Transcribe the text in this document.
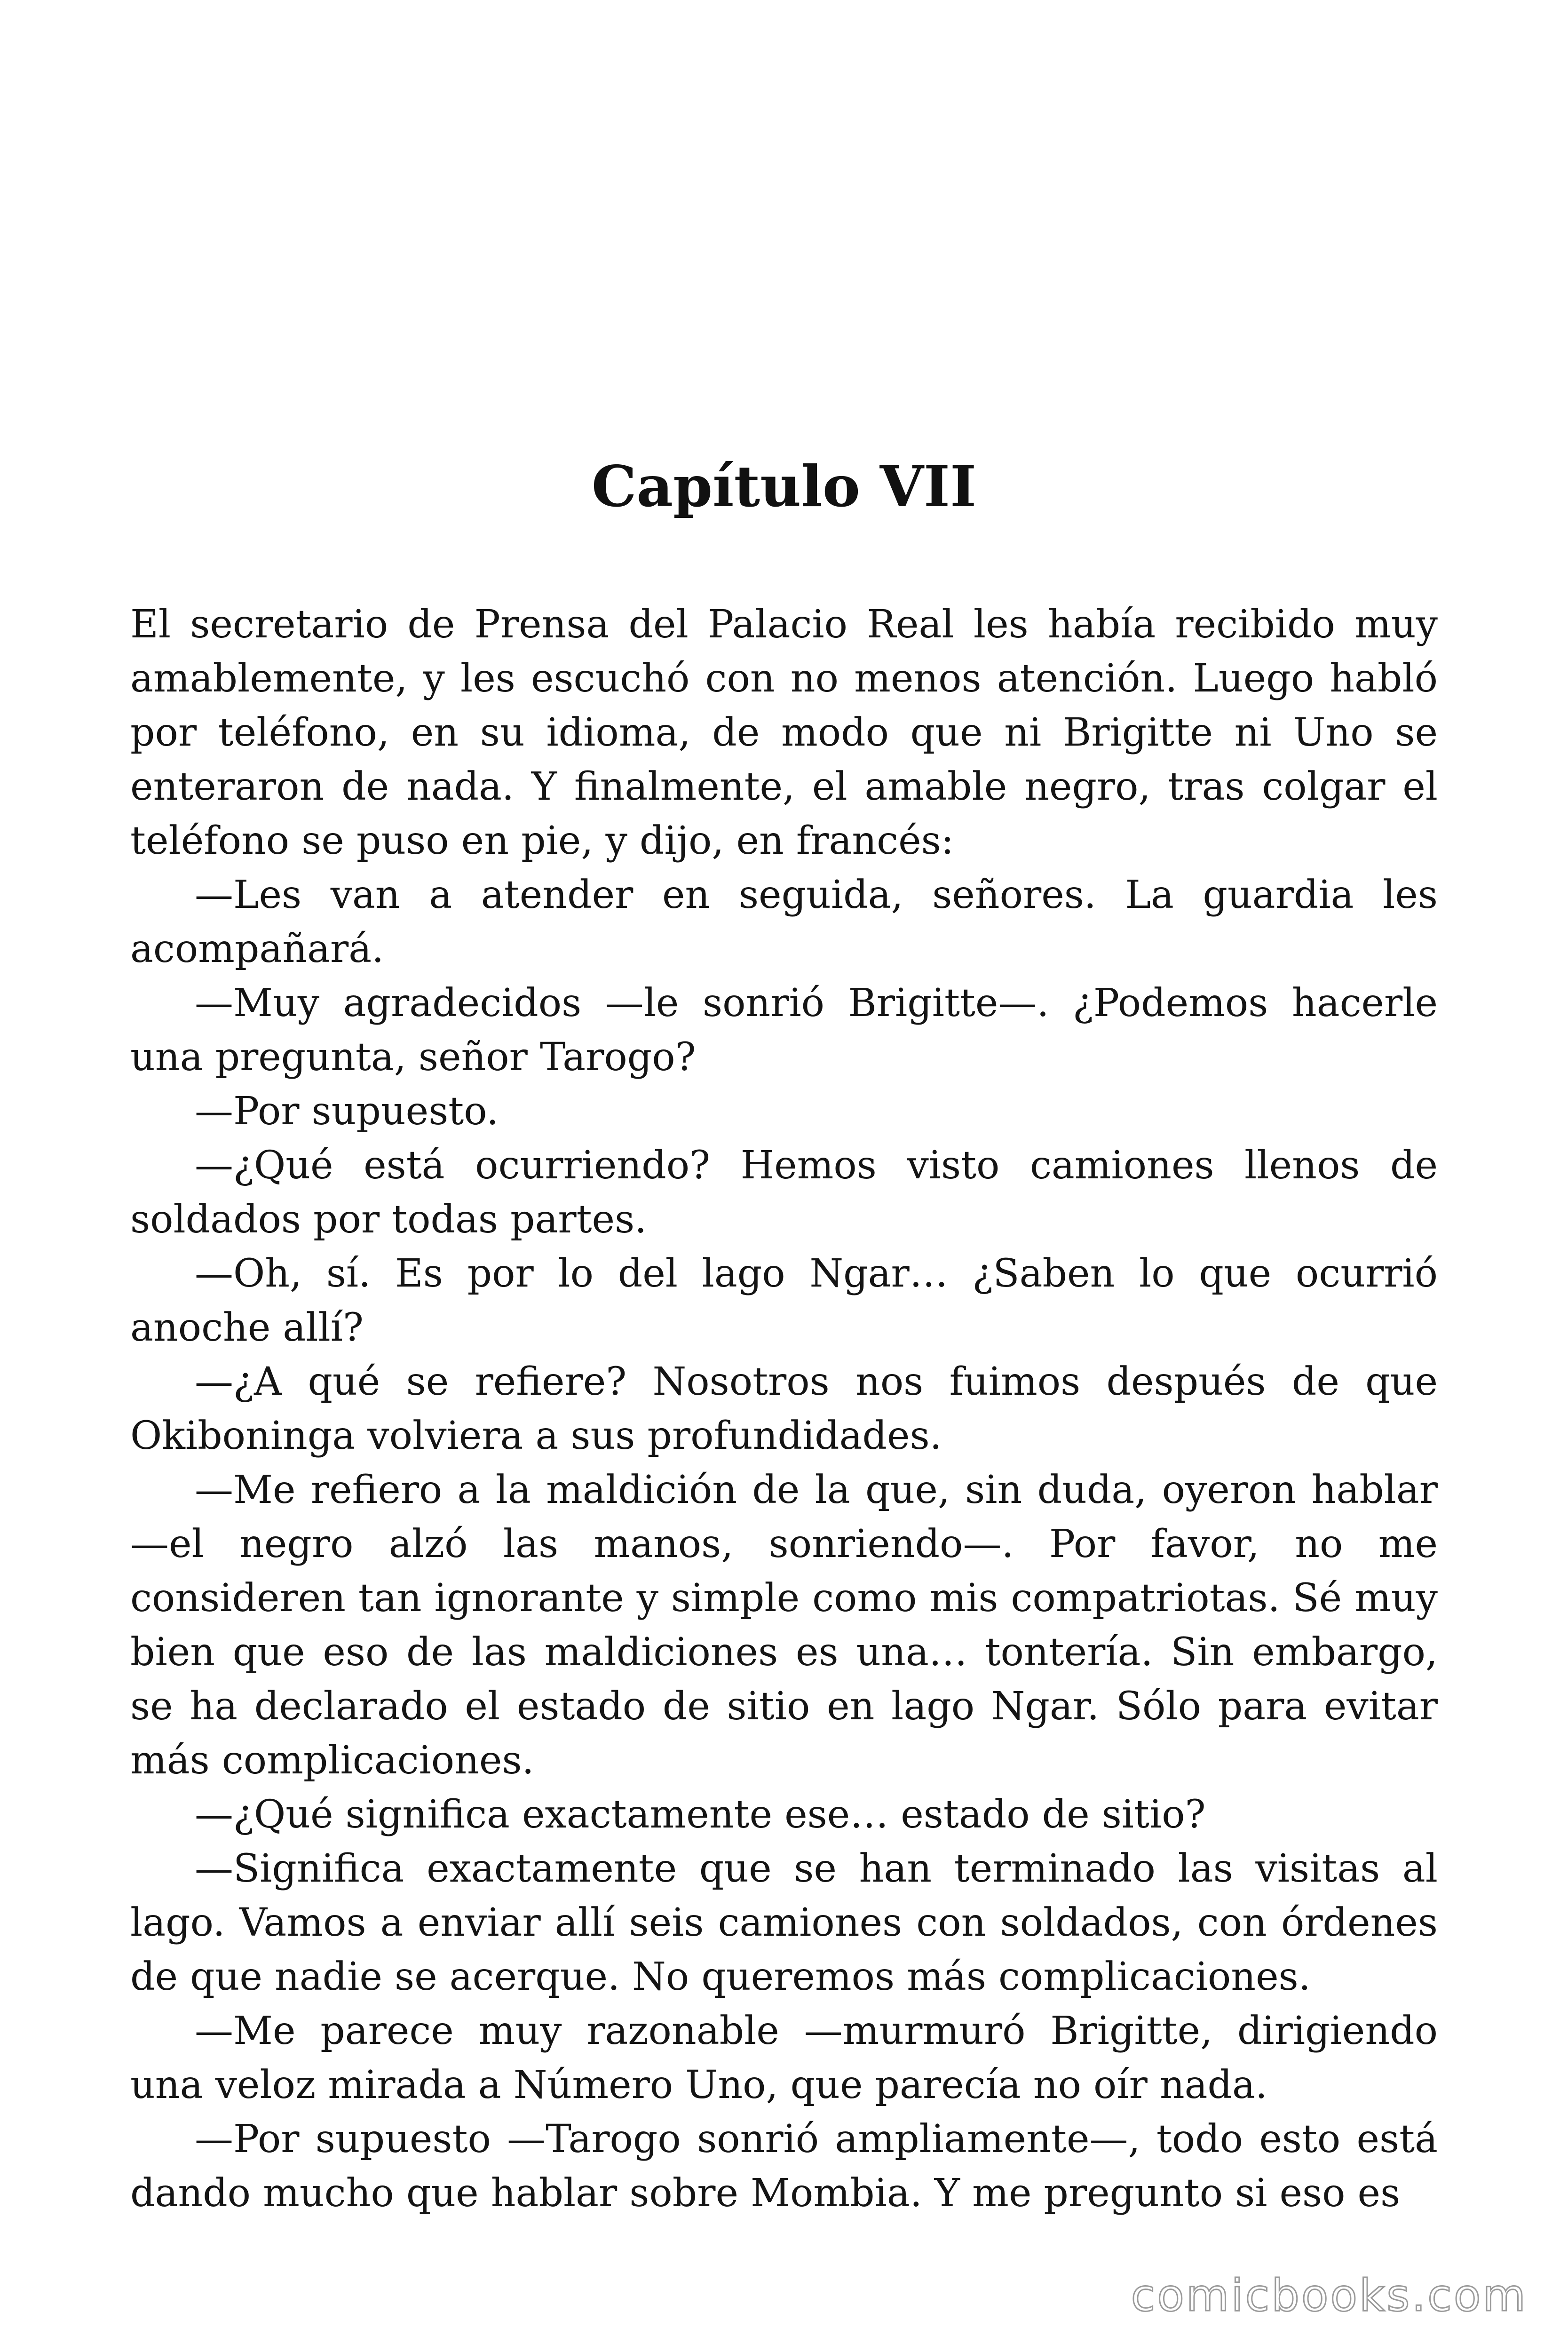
Capítulo VII

El secretario de Prensa del Palacio Real les había recibido muy amablemente, y les escuchó con no menos atención. Luego habló por teléfono, en su idioma, de modo que ni Brigitte ni Uno se enteraron de nada. Y finalmente, el amable negro, tras colgar el teléfono se puso en pie, y dijo, en francés:

—Les van a atender en seguida, señores. La guardia les acompañará.

—Muy agradecidos —le sonrió Brigitte—. ¿Podemos hacerle una pregunta, señor Tarogo?

—Por supuesto.

—¿Qué está ocurriendo? Hemos visto camiones llenos de soldados por todas partes.

—Oh, sí. Es por lo del lago Ngar… ¿Saben lo que ocurrió anoche allí?

—¿A qué se refiere? Nosotros nos fuimos después de que Okiboninga volviera a sus profundidades.

—Me refiero a la maldición de la que, sin duda, oyeron hablar —el negro alzó las manos, sonriendo—. Por favor, no me consideren tan ignorante y simple como mis compatriotas. Sé muy bien que eso de las maldiciones es una… tontería. Sin embargo, se ha declarado el estado de sitio en lago Ngar. Sólo para evitar más complicaciones.

—¿Qué significa exactamente ese… estado de sitio?

—Significa exactamente que se han terminado las visitas al lago. Vamos a enviar allí seis camiones con soldados, con órdenes de que nadie se acerque. No queremos más complicaciones.

—Me parece muy razonable —murmuró Brigitte, dirigiendo una veloz mirada a Número Uno, que parecía no oír nada.

—Por supuesto —Tarogo sonrió ampliamente—, todo esto está dando mucho que hablar sobre Mombia. Y me pregunto si eso es

comicbooks.com
